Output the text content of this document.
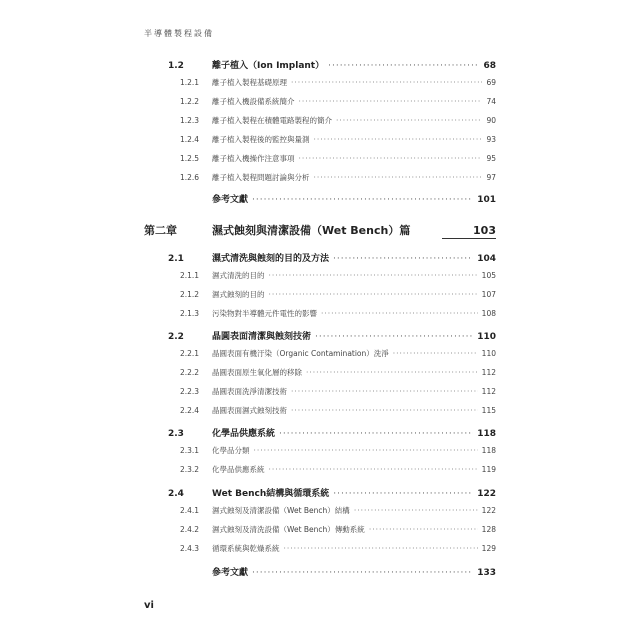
半導體製程設備
1.2	離子植入（Ion Implant） ·····	68
1.2.1	離子植入製程基礎原理 ·····	69
1.2.2	離子植入機設備系統簡介 ·····	74
1.2.3	離子植入製程在積體電路製程的簡介 ·····	90
1.2.4	離子植入製程後的監控與量測 ·····	93
1.2.5	離子植入機操作注意事項 ·····	95
1.2.6	離子植入製程問題討論與分析 ·····	97
參考文獻 ·····	101
第二章	濕式蝕刻與清潔設備（Wet Bench）篇	103
2.1	濕式清洗與蝕刻的目的及方法 ·····	104
2.1.1	濕式清洗的目的 ·····	105
2.1.2	濕式蝕刻的目的 ·····	107
2.1.3	污染物對半導體元件電性的影響 ·····	108
2.2	晶圓表面清潔與蝕刻技術 ·····	110
2.2.1	晶圓表面有機汙染（Organic Contamination）洗淨 ·····	110
2.2.2	晶圓表面原生氧化層的移除 ·····	112
2.2.3	晶圓表面洗淨清潔技術 ·····	112
2.2.4	晶圓表面濕式蝕刻技術 ·····	115
2.3	化學品供應系統 ·····	118
2.3.1	化學品分類 ·····	118
2.3.2	化學品供應系統 ·····	119
2.4	Wet Bench結構與循環系統 ·····	122
2.4.1	濕式蝕刻及清潔設備（Wet Bench）結構 ·····	122
2.4.2	濕式蝕刻及清洗設備（Wet Bench）傳動系統 ·····	128
2.4.3	循環系統與乾燥系統 ·····	129
參考文獻 ·····	133
vi
